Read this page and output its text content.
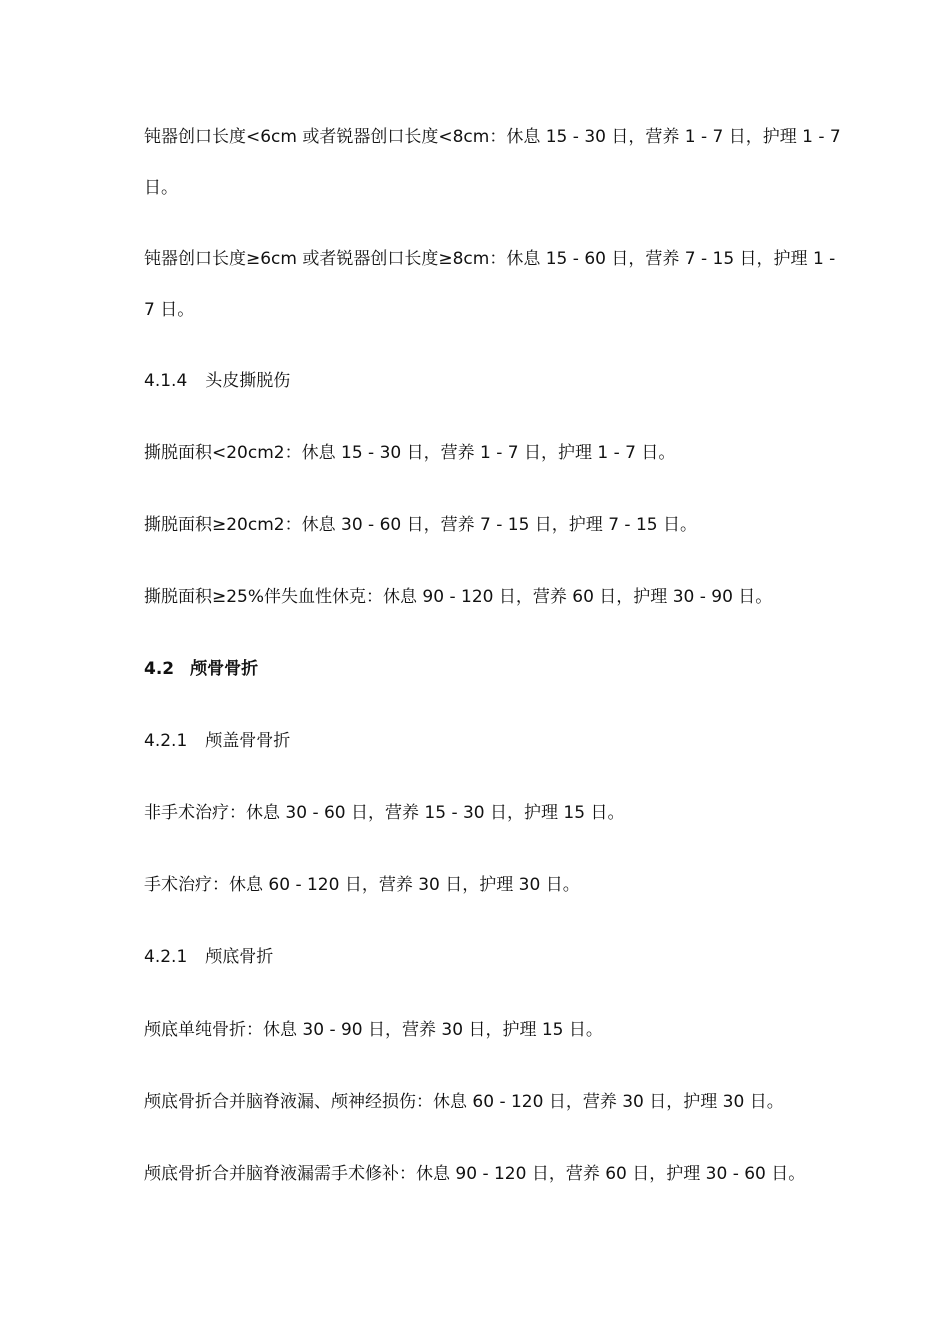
钝器创口长度<6cm 或者锐器创口长度<8cm：休息 15 - 30 日，营养 1 - 7 日，护理 1 - 7
日。
钝器创口长度≥6cm 或者锐器创口长度≥8cm：休息 15 - 60 日，营养 7 - 15 日，护理 1 -
7 日。
4.1.4 头皮撕脱伤
撕脱面积<20cm2：休息 15 - 30 日，营养 1 - 7 日，护理 1 - 7 日。
撕脱面积≥20cm2：休息 30 - 60 日，营养 7 - 15 日，护理 7 - 15 日。
撕脱面积≥25%伴失血性休克：休息 90 - 120 日，营养 60 日，护理 30 - 90 日。
4.2 颅骨骨折
4.2.1 颅盖骨骨折
非手术治疗：休息 30 - 60 日，营养 15 - 30 日，护理 15 日。
手术治疗：休息 60 - 120 日，营养 30 日，护理 30 日。
4.2.1 颅底骨折
颅底单纯骨折：休息 30 - 90 日，营养 30 日，护理 15 日。
颅底骨折合并脑脊液漏、颅神经损伤：休息 60 - 120 日，营养 30 日，护理 30 日。
颅底骨折合并脑脊液漏需手术修补：休息 90 - 120 日，营养 60 日，护理 30 - 60 日。
